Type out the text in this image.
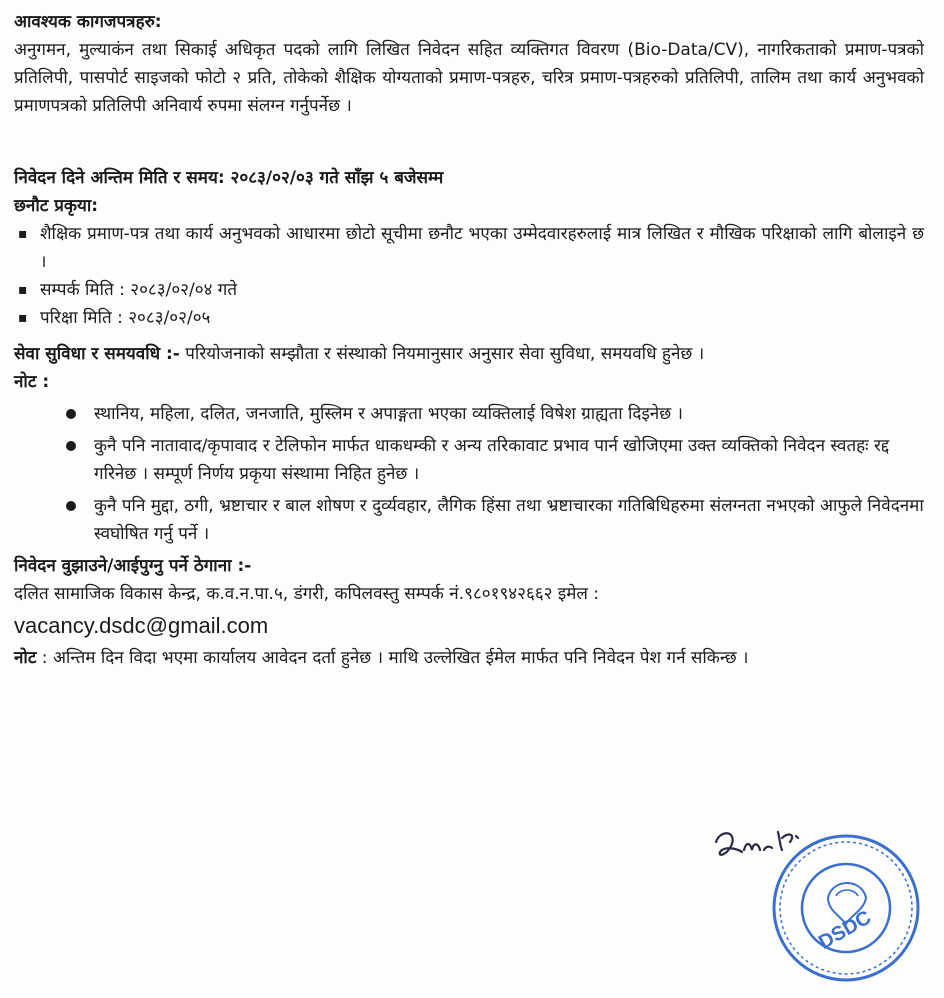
आवश्यक कागजपत्रहरु:

अनुगमन, मुल्याकंन तथा सिकाई अधिकृत पदको लागि लिखित निवेदन सहित व्यक्तिगत विवरण (Bio-Data/CV), नागरिकताको प्रमाण-पत्रको प्रतिलिपी, पासपोर्ट साइजको फोटो २ प्रति, तोकेको शैक्षिक योग्यताको प्रमाण-पत्रहरु, चरित्र प्रमाण-पत्रहरुको प्रतिलिपी, तालिम तथा कार्य अनुभवको प्रमाणपत्रको प्रतिलिपी अनिवार्य रुपमा संलग्न गर्नुपर्नेछ ।

निवेदन दिने अन्तिम मिति र समय: २०८३/०२/०३ गते साँझ ५ बजेसम्म

छनौट प्रकृया:

▪ शैक्षिक प्रमाण-पत्र तथा कार्य अनुभवको आधारमा छोटो सूचीमा छनौट भएका उम्मेदवारहरुलाई मात्र लिखित र मौखिक परिक्षाको लागि बोलाइने छ ।
▪ सम्पर्क मिति : २०८३/०२/०४ गते
▪ परिक्षा मिति : २०८३/०२/०५

सेवा सुविधा र समयवधि :- परियोजनाको सम्झौता र संस्थाको नियमानुसार अनुसार सेवा सुविधा, समयवधि हुनेछ ।

नोट :

स्थानिय, महिला, दलित, जनजाति, मुस्लिम र अपाङ्गता भएका व्यक्तिलाई विषेश ग्राह्यता दिइनेछ ।
कुनै पनि नातावाद/कृपावाद र टेलिफोन मार्फत धाकधम्की र अन्य तरिकावाट प्रभाव पार्न खोजिएमा उक्त व्यक्तिको निवेदन स्वतहः रद्द गरिनेछ । सम्पूर्ण निर्णय प्रकृया संस्थामा निहित हुनेछ ।
कुनै पनि मुद्दा, ठगी, भ्रष्टाचार र बाल शोषण र दुर्व्यवहार, लैगिक हिंसा तथा भ्रष्टाचारका गतिबिधिहरुमा संलग्नता नभएको आफुले निवेदनमा स्वघोषित गर्नु पर्ने ।

निवेदन वुझाउने/आईपुग्नु पर्ने ठेगाना :-

दलित सामाजिक विकास केन्द्र, क.व.न.पा.५, डंगरी, कपिलवस्तु सम्पर्क नं.९८०१९४२६६२ इमेल :

vacancy.dsdc@gmail.com

नोट : अन्तिम दिन विदा भएमा कार्यालय आवेदन दर्ता हुनेछ । माथि उल्लेखित ईमेल मार्फत पनि निवेदन पेश गर्न सकिन्छ ।

DSDC
